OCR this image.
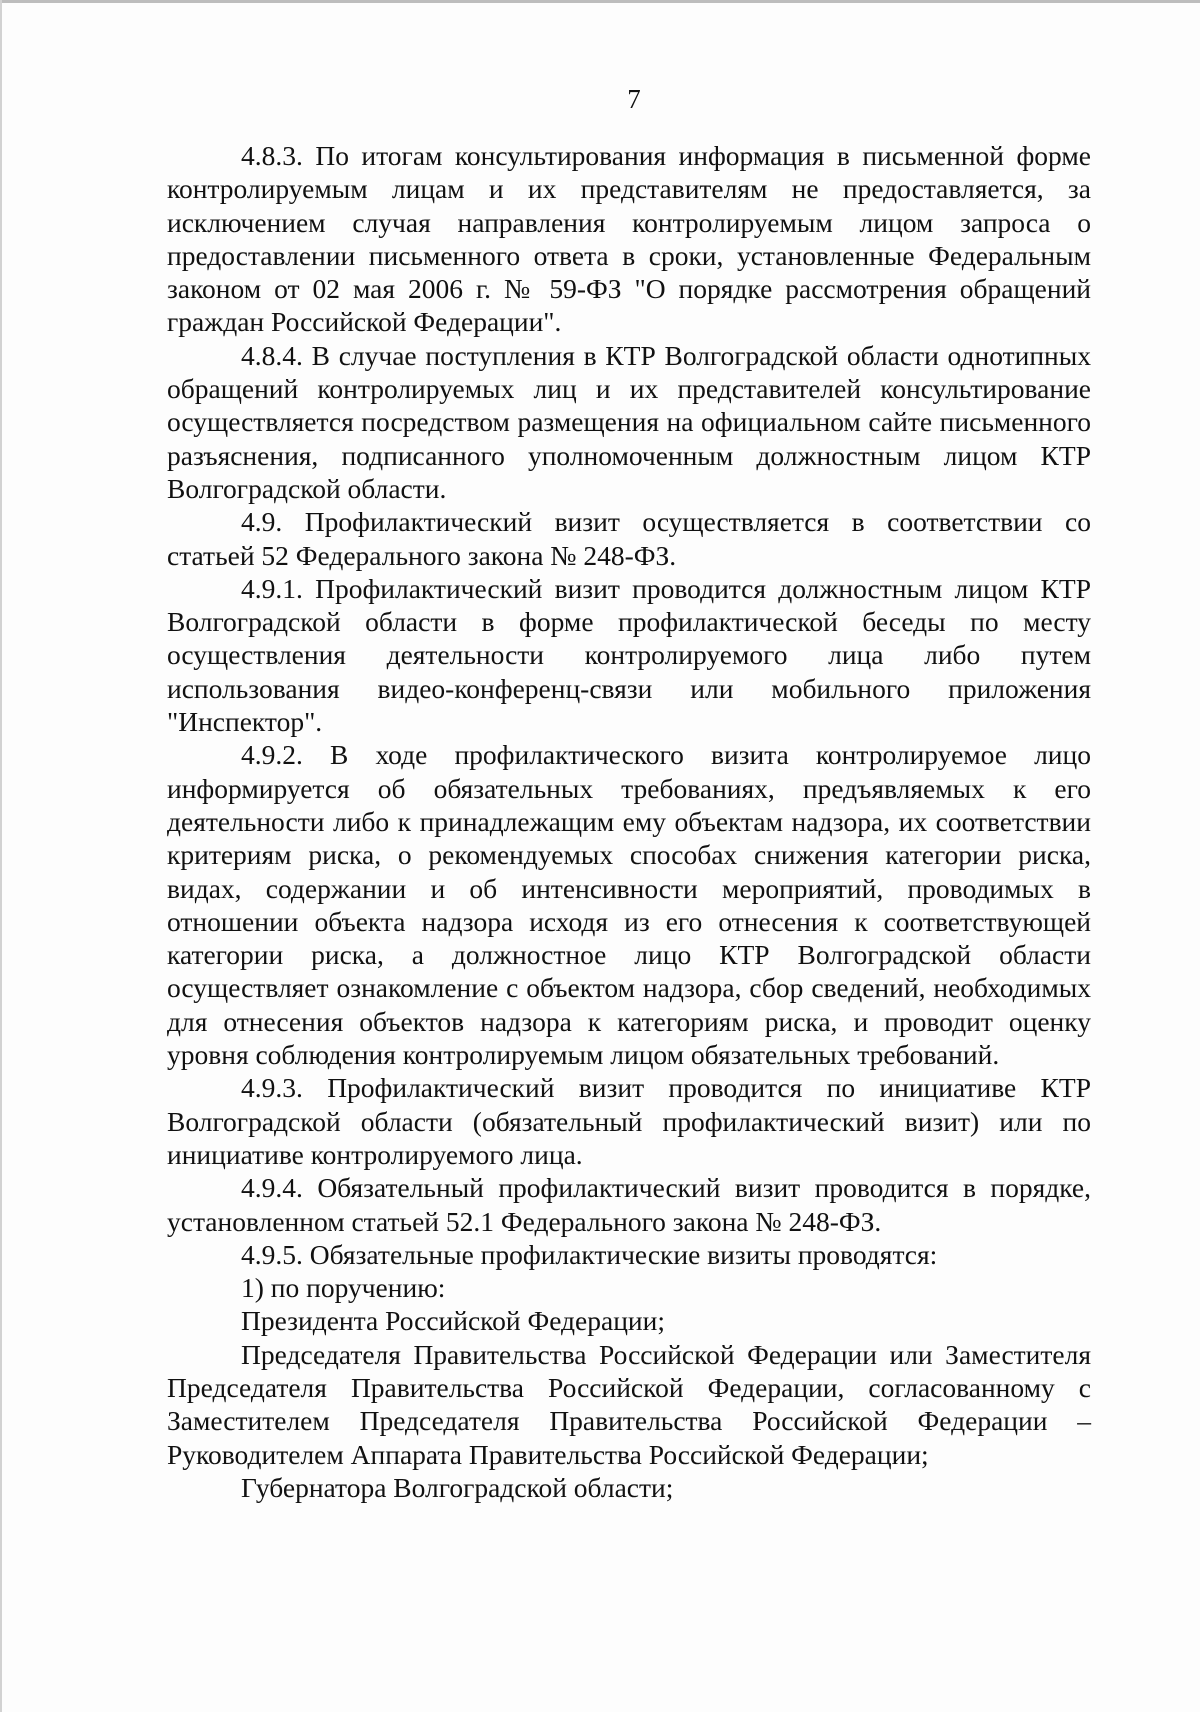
7

4.8.3. По итогам консультирования информация в письменной форме контролируемым лицам и их представителям не предоставляется, за исключением случая направления контролируемым лицом запроса о предоставлении письменного ответа в сроки, установленные Федеральным законом от 02 мая 2006 г. № 59-ФЗ "О порядке рассмотрения обращений граждан Российской Федерации".

4.8.4. В случае поступления в КТР Волгоградской области однотипных обращений контролируемых лиц и их представителей консультирование осуществляется посредством размещения на официальном сайте письменного разъяснения, подписанного уполномоченным должностным лицом КТР Волгоградской области.

4.9. Профилактический визит осуществляется в соответствии со статьей 52 Федерального закона № 248-ФЗ.

4.9.1. Профилактический визит проводится должностным лицом КТР Волгоградской области в форме профилактической беседы по месту осуществления деятельности контролируемого лица либо путем использования видео-конференц-связи или мобильного приложения "Инспектор".

4.9.2. В ходе профилактического визита контролируемое лицо информируется об обязательных требованиях, предъявляемых к его деятельности либо к принадлежащим ему объектам надзора, их соответствии критериям риска, о рекомендуемых способах снижения категории риска, видах, содержании и об интенсивности мероприятий, проводимых в отношении объекта надзора исходя из его отнесения к соответствующей категории риска, а должностное лицо КТР Волгоградской области осуществляет ознакомление с объектом надзора, сбор сведений, необходимых для отнесения объектов надзора к категориям риска, и проводит оценку уровня соблюдения контролируемым лицом обязательных требований.

4.9.3. Профилактический визит проводится по инициативе КТР Волгоградской области (обязательный профилактический визит) или по инициативе контролируемого лица.

4.9.4. Обязательный профилактический визит проводится в порядке, установленном статьей 52.1 Федерального закона № 248-ФЗ.

4.9.5. Обязательные профилактические визиты проводятся:

1) по поручению:

Президента Российской Федерации;

Председателя Правительства Российской Федерации или Заместителя Председателя Правительства Российской Федерации, согласованному с Заместителем Председателя Правительства Российской Федерации – Руководителем Аппарата Правительства Российской Федерации;

Губернатора Волгоградской области;
